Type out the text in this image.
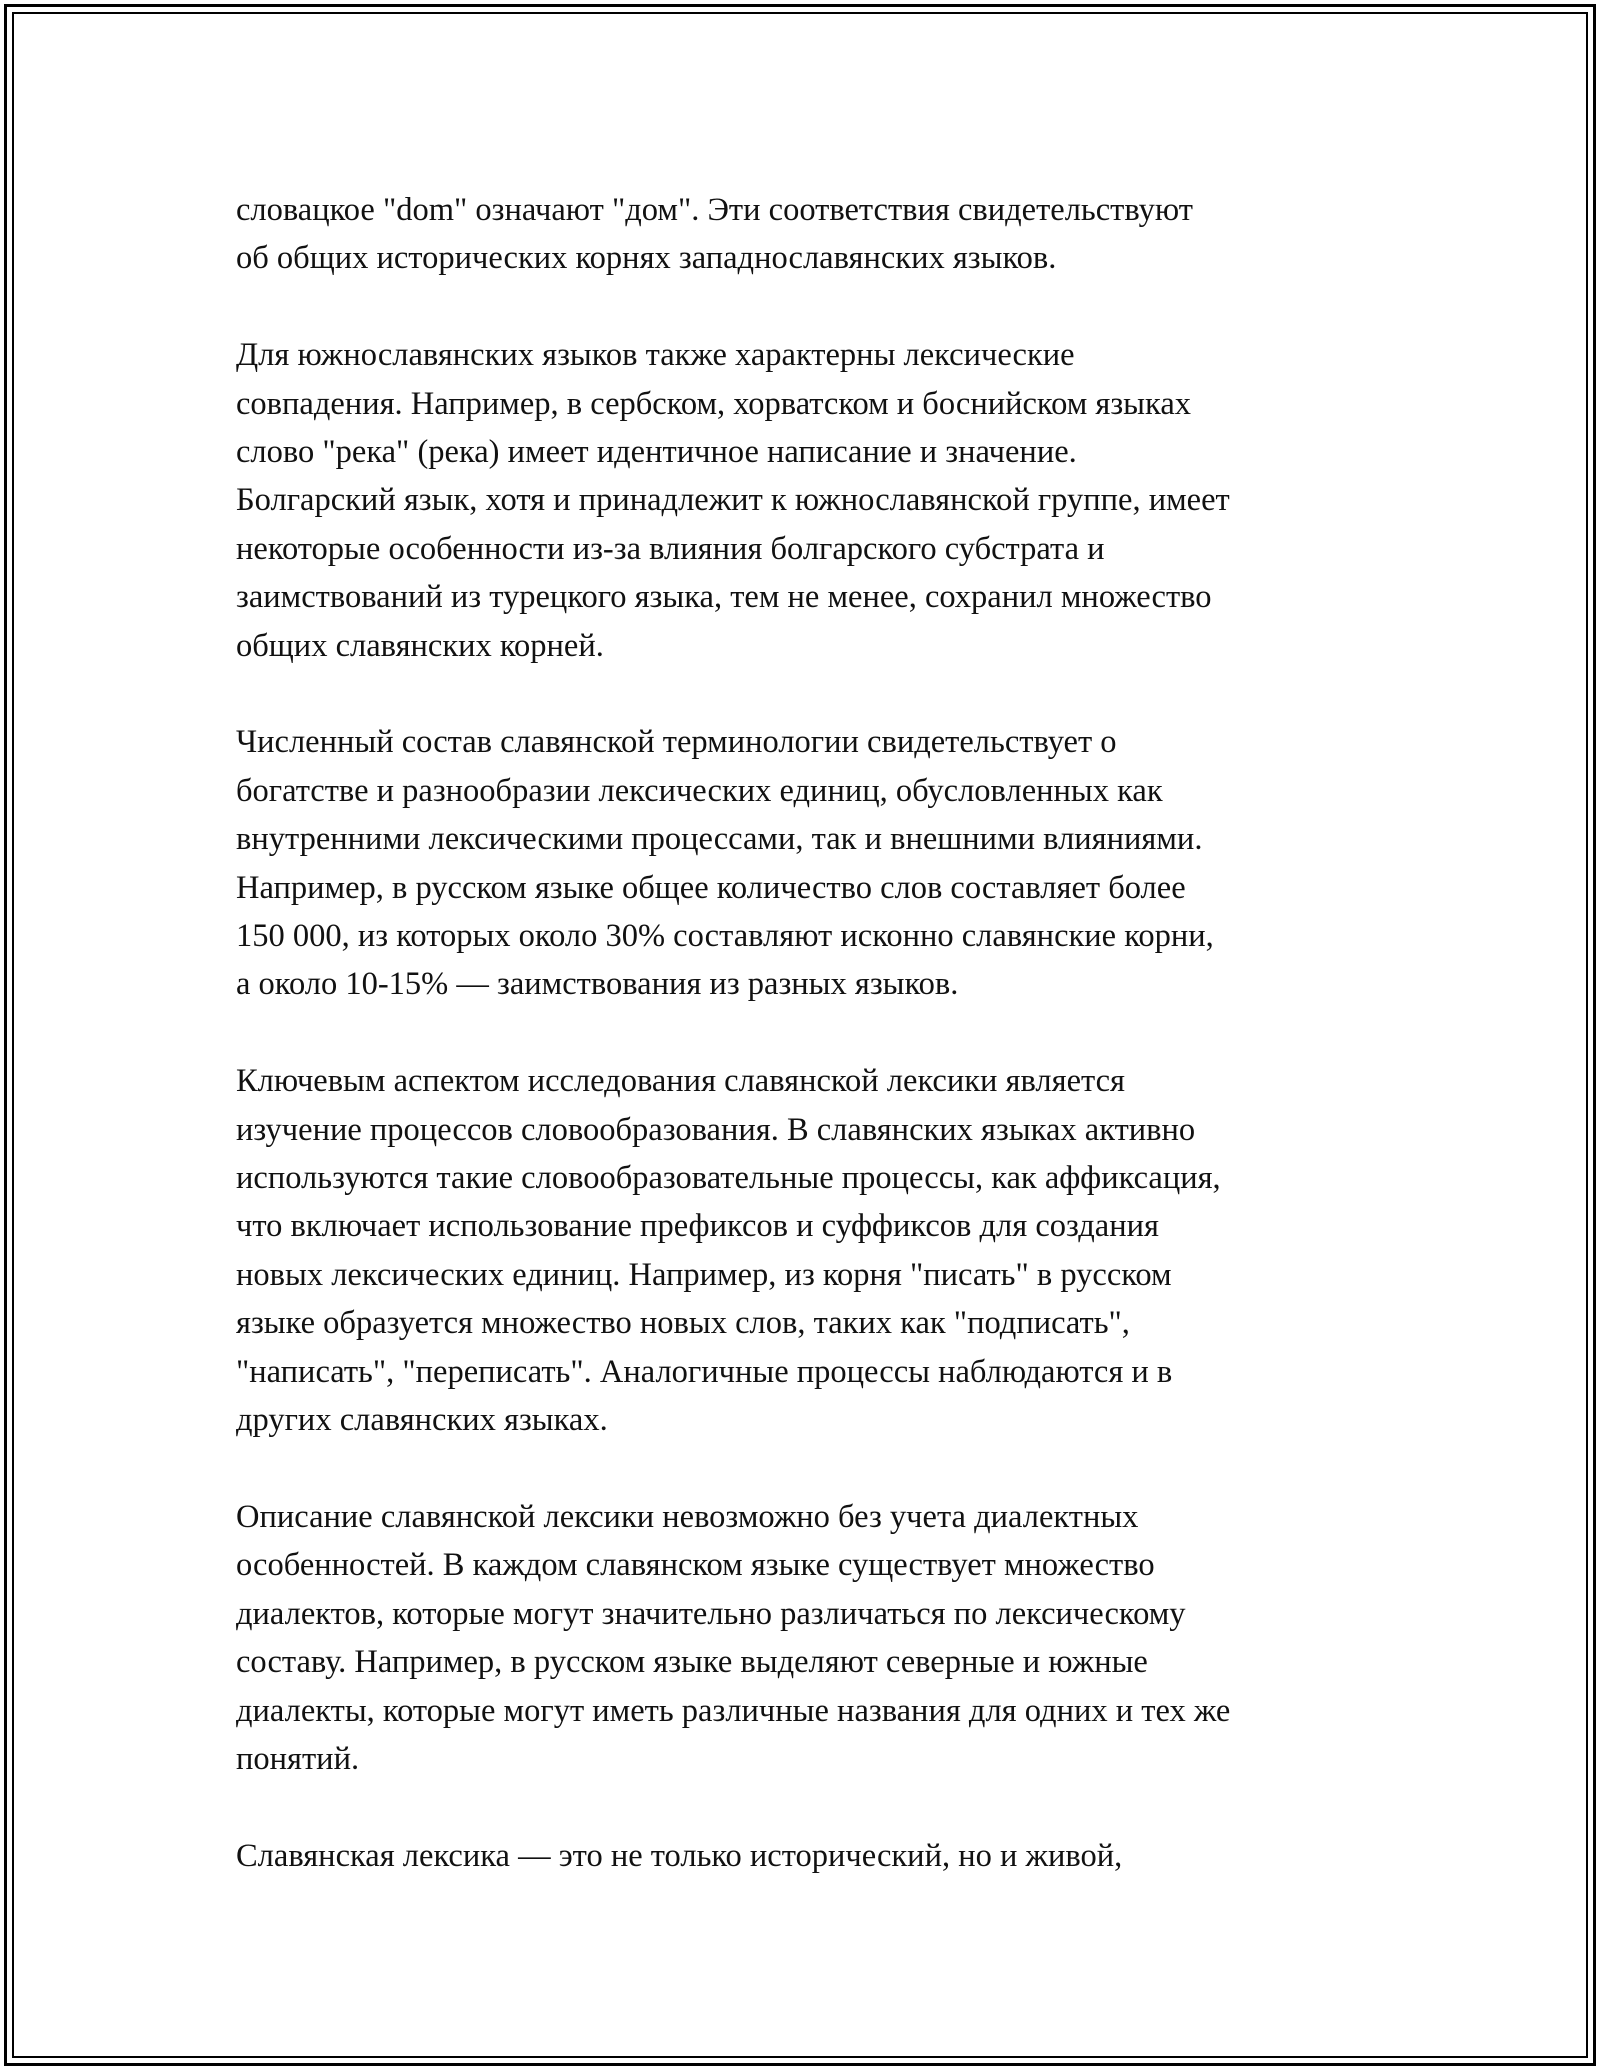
словацкое "dom" означают "дом". Эти соответствия свидетельствуют
об общих исторических корнях западнославянских языков.

Для южнославянских языков также характерны лексические
совпадения. Например, в сербском, хорватском и боснийском языках
слово "река" (река) имеет идентичное написание и значение.
Болгарский язык, хотя и принадлежит к южнославянской группе, имеет
некоторые особенности из-за влияния болгарского субстрата и
заимствований из турецкого языка, тем не менее, сохранил множество
общих славянских корней.

Численный состав славянской терминологии свидетельствует о
богатстве и разнообразии лексических единиц, обусловленных как
внутренними лексическими процессами, так и внешними влияниями.
Например, в русском языке общее количество слов составляет более
150 000, из которых около 30% составляют исконно славянские корни,
а около 10-15% — заимствования из разных языков.

Ключевым аспектом исследования славянской лексики является
изучение процессов словообразования. В славянских языках активно
используются такие словообразовательные процессы, как аффиксация,
что включает использование префиксов и суффиксов для создания
новых лексических единиц. Например, из корня "писать" в русском
языке образуется множество новых слов, таких как "подписать",
"написать", "переписать". Аналогичные процессы наблюдаются и в
других славянских языках.

Описание славянской лексики невозможно без учета диалектных
особенностей. В каждом славянском языке существует множество
диалектов, которые могут значительно различаться по лексическому
составу. Например, в русском языке выделяют северные и южные
диалекты, которые могут иметь различные названия для одних и тех же
понятий.

Славянская лексика — это не только исторический, но и живой,
